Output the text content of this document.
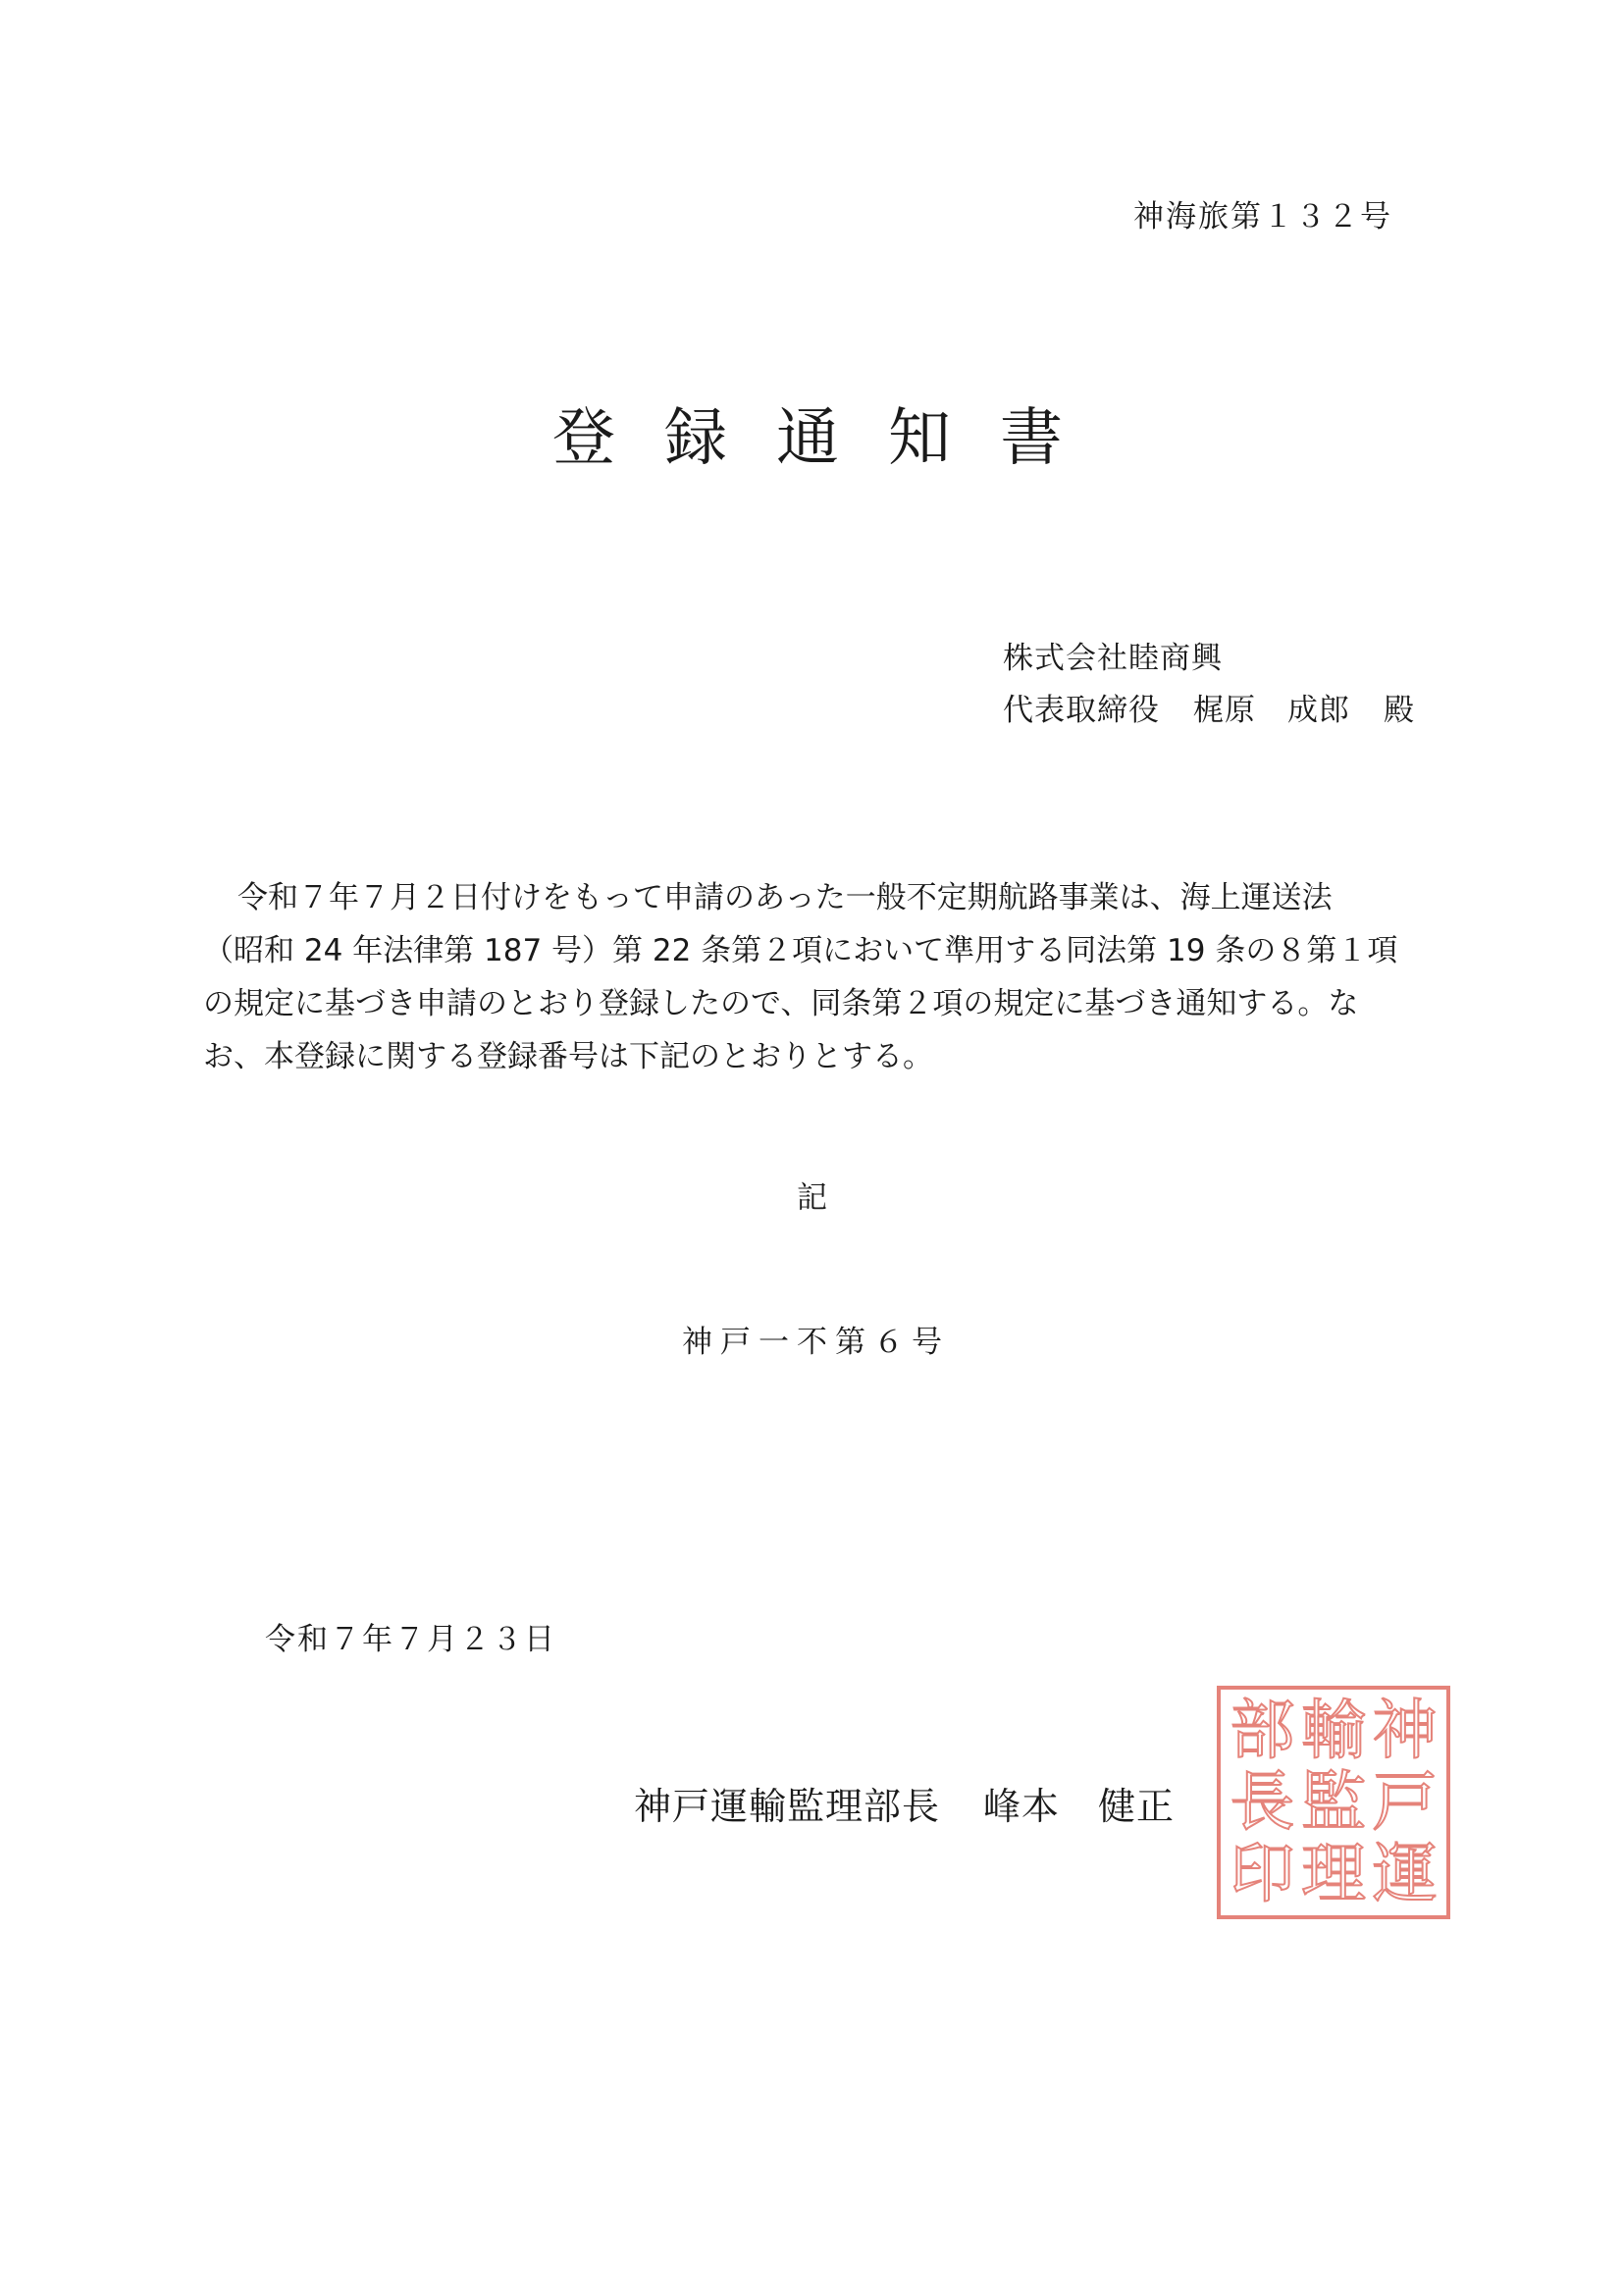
神海旅第１３２号
登録通知書
株式会社睦商興
代表取締役 梶原　成郎 殿
令和７年７月２日付けをもって申請のあった一般不定期航路事業は、海上運送法
（昭和 24 年法律第 187 号）第 22 条第２項において準用する同法第 19 条の８第１項
の規定に基づき申請のとおり登録したので、同条第２項の規定に基づき通知する。な
お、本登録に関する登録番号は下記のとおりとする。
記
神戸一不第６号
令和７年７月２３日
神戸運輸監理部長 峰本　健正
部
長
印
輸
監
理
神
戸
運
